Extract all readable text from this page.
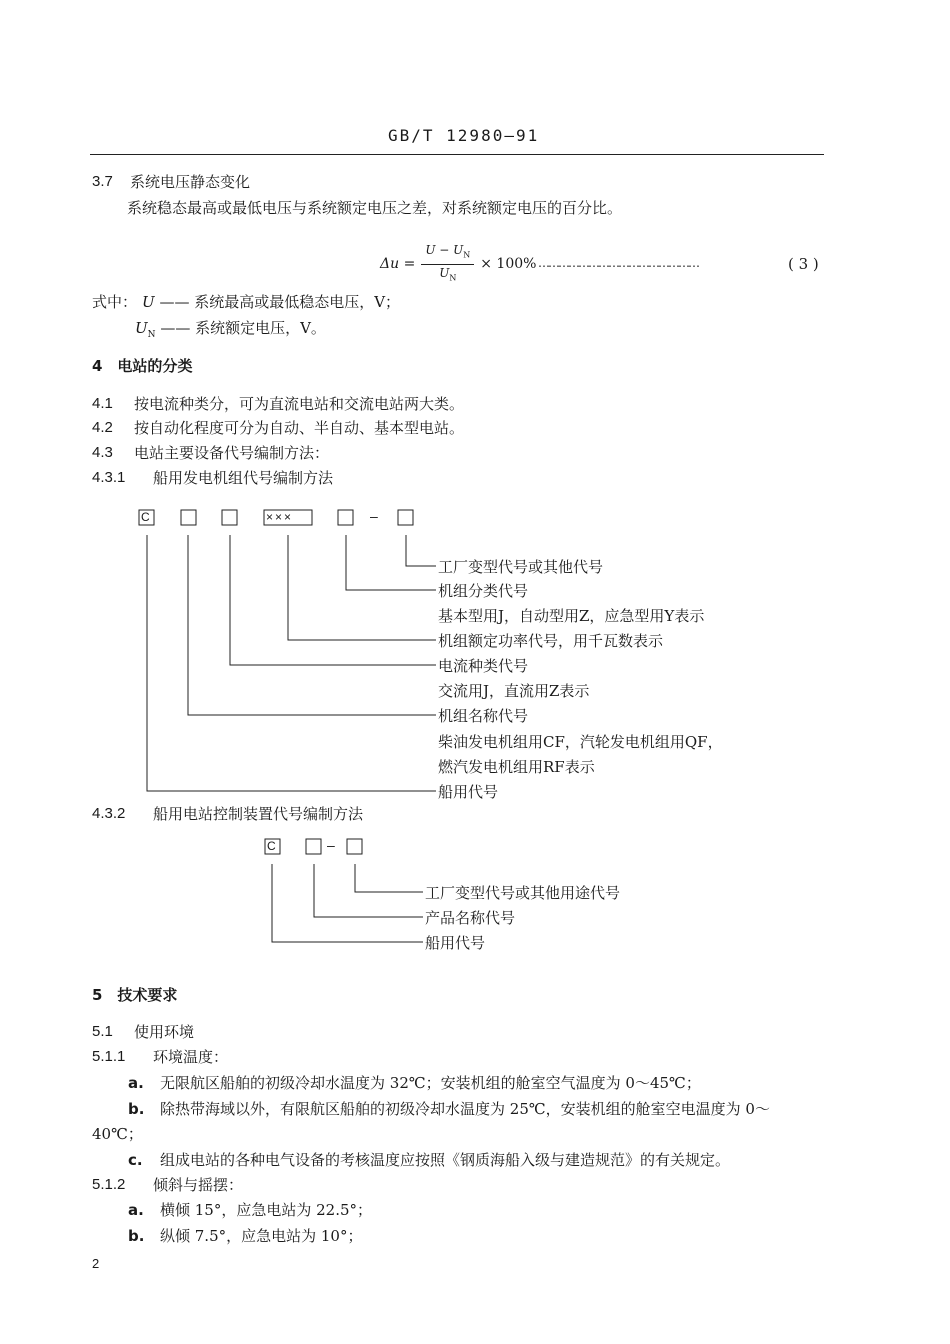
GB/T 12980—91
3.7 系统电压静态变化
系统稳态最高或最低电压与系统额定电压之差，对系统额定电压的百分比。
$\Delta u = \frac{U - U_N}{U_N} \times 100\%$ …………………………………………	( 3 )
式中： U —— 系统最高或最低稳态电压，V；
$U_N$ —— 系统额定电压，V。
4　电站的分类
4.1 按电流种类分，可为直流电站和交流电站两大类。
4.2 按自动化程度可分为自动、半自动、基本型电站。
4.3 电站主要设备代号编制方法：
4.3.1 船用发电机组代号编制方法
C	×××	–
工厂变型代号或其他代号
机组分类代号
基本型用J，自动型用Z，应急型用Y表示
机组额定功率代号，用千瓦数表示
电流种类代号
交流用J，直流用Z表示
机组名称代号
柴油发电机组用CF，汽轮发电机组用QF，
燃汽发电机组用RF表示
船用代号
4.3.2 船用电站控制装置代号编制方法
C	–
工厂变型代号或其他用途代号
产品名称代号
船用代号
5　技术要求
5.1 使用环境
5.1.1 环境温度：
a. 无限航区船舶的初级冷却水温度为 32℃；安装机组的舱室空气温度为 0～45℃；
b. 除热带海域以外，有限航区船舶的初级冷却水温度为 25℃，安装机组的舱室空电温度为 0～
40℃；
c. 组成电站的各种电气设备的考核温度应按照《钢质海船入级与建造规范》的有关规定。
5.1.2 倾斜与摇摆：
a. 横倾 15°，应急电站为 22.5°；
b. 纵倾 7.5°，应急电站为 10°；
2
